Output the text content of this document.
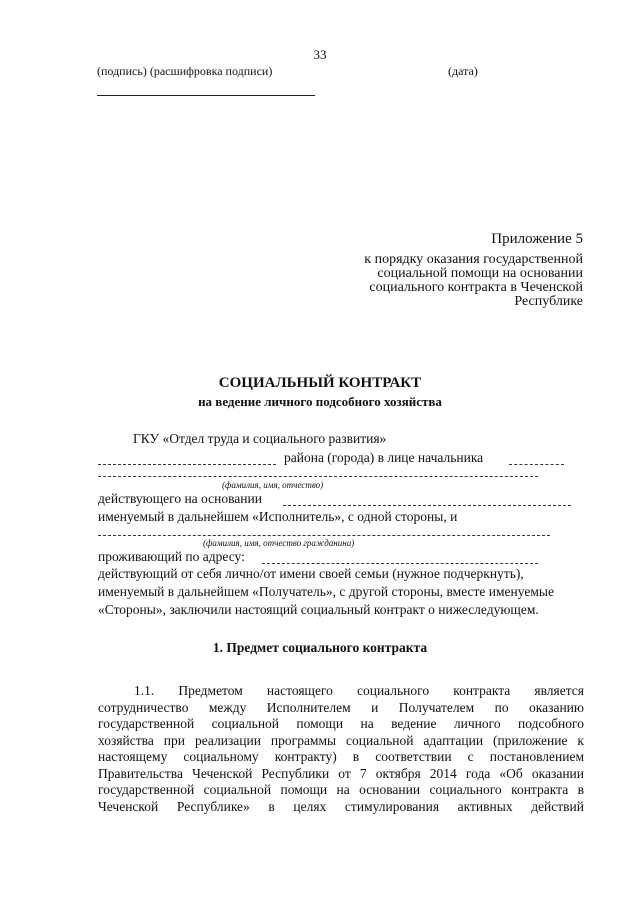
33
(подпись) (расшифровка подписи)	(дата)
Приложение 5
к порядку оказания государственной
социальной помощи на основании
социального контракта в Чеченской
Республике
СОЦИАЛЬНЫЙ КОНТРАКТ
на ведение личного подсобного хозяйства
ГКУ «Отдел труда и социального развития»
района (города) в лице начальника
(фамилия, имя, отчество)
действующего на основании
именуемый в дальнейшем «Исполнитель», с одной стороны, и
(фамилия, имя, отчество гражданина)
проживающий по адресу:
действующий от себя лично/от имени своей семьи (нужное подчеркнуть),
именуемый в дальнейшем «Получатель», с другой стороны, вместе именуемые
«Стороны», заключили настоящий социальный контракт о нижеследующем.
1. Предмет социального контракта
1.1. Предметом настоящего социального контракта является
сотрудничество между Исполнителем и Получателем по оказанию
государственной социальной помощи на ведение личного подсобного
хозяйства при реализации программы социальной адаптации (приложение к
настоящему социальному контракту) в соответствии с постановлением
Правительства Чеченской Республики от 7 октября 2014 года «Об оказании
государственной социальной помощи на основании социального контракта в
Чеченской Республике» в целях стимулирования активных действий
